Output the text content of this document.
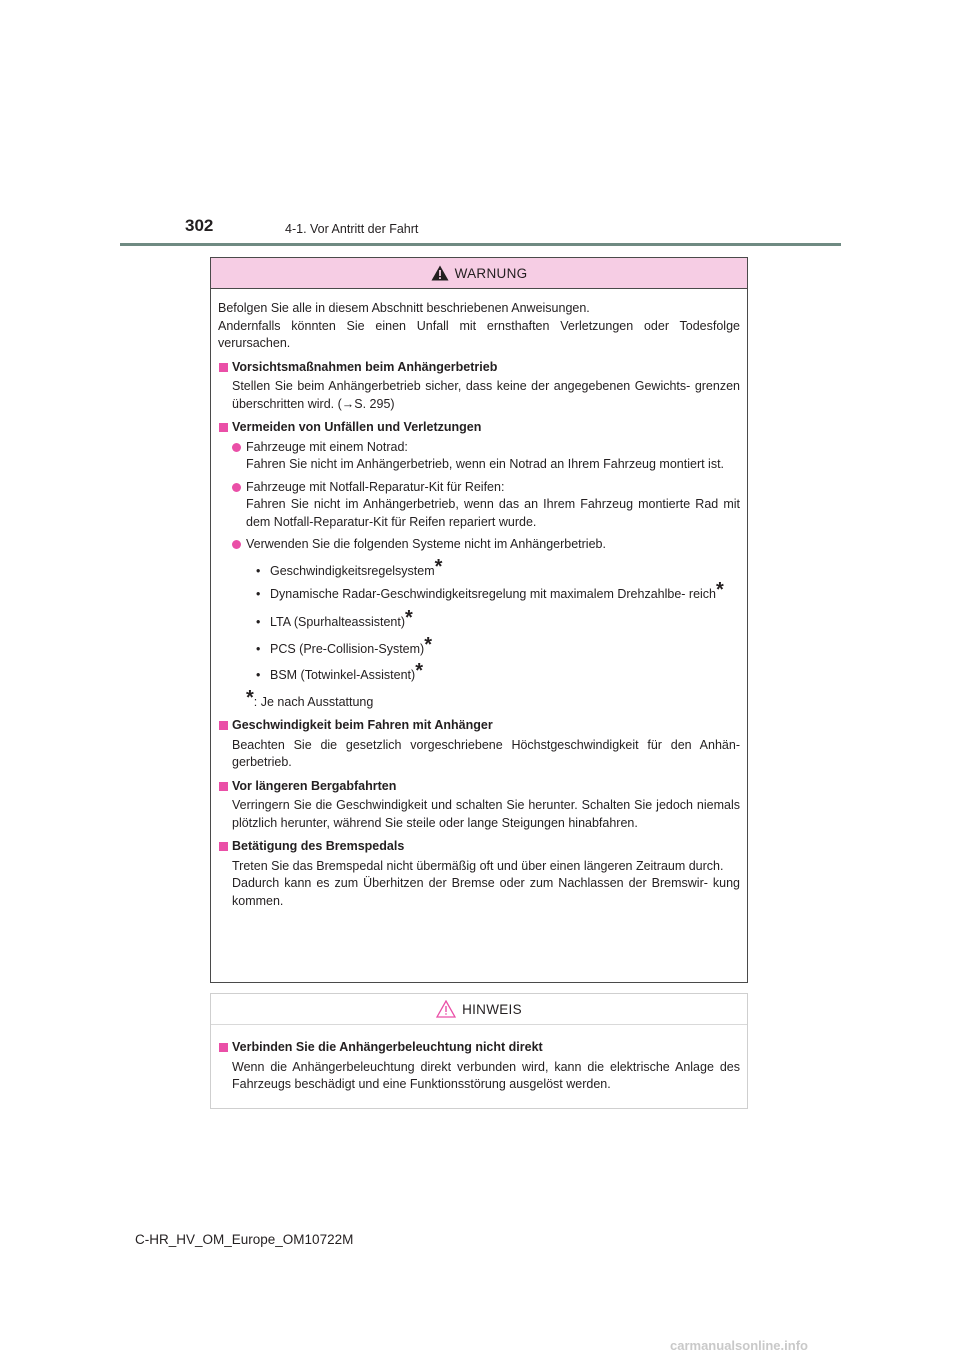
302	4-1. Vor Antritt der Fahrt
WARNUNG
Befolgen Sie alle in diesem Abschnitt beschriebenen Anweisungen.
Andernfalls könnten Sie einen Unfall mit ernsthaften Verletzungen oder Todesfolge verursachen.
Vorsichtsmaßnahmen beim Anhängerbetrieb
Stellen Sie beim Anhängerbetrieb sicher, dass keine der angegebenen Gewichts- grenzen überschritten wird. (→S. 295)
Vermeiden von Unfällen und Verletzungen
Fahrzeuge mit einem Notrad:
Fahren Sie nicht im Anhängerbetrieb, wenn ein Notrad an Ihrem Fahrzeug montiert ist.
Fahrzeuge mit Notfall-Reparatur-Kit für Reifen:
Fahren Sie nicht im Anhängerbetrieb, wenn das an Ihrem Fahrzeug montierte Rad mit dem Notfall-Reparatur-Kit für Reifen repariert wurde.
Verwenden Sie die folgenden Systeme nicht im Anhängerbetrieb.
• Geschwindigkeitsregelsystem*
• Dynamische Radar-Geschwindigkeitsregelung mit maximalem Drehzahlbe- reich*
• LTA (Spurhalteassistent)*
• PCS (Pre-Collision-System)*
• BSM (Totwinkel-Assistent)*
*: Je nach Ausstattung
Geschwindigkeit beim Fahren mit Anhänger
Beachten Sie die gesetzlich vorgeschriebene Höchstgeschwindigkeit für den Anhän- gerbetrieb.
Vor längeren Bergabfahrten
Verringern Sie die Geschwindigkeit und schalten Sie herunter. Schalten Sie jedoch niemals plötzlich herunter, während Sie steile oder lange Steigungen hinabfahren.
Betätigung des Bremspedals
Treten Sie das Bremspedal nicht übermäßig oft und über einen längeren Zeitraum durch.
Dadurch kann es zum Überhitzen der Bremse oder zum Nachlassen der Bremswir- kung kommen.
HINWEIS
Verbinden Sie die Anhängerbeleuchtung nicht direkt
Wenn die Anhängerbeleuchtung direkt verbunden wird, kann die elektrische Anlage des Fahrzeugs beschädigt und eine Funktionsstörung ausgelöst werden.
C-HR_HV_OM_Europe_OM10722M
carmanualsonline.info
